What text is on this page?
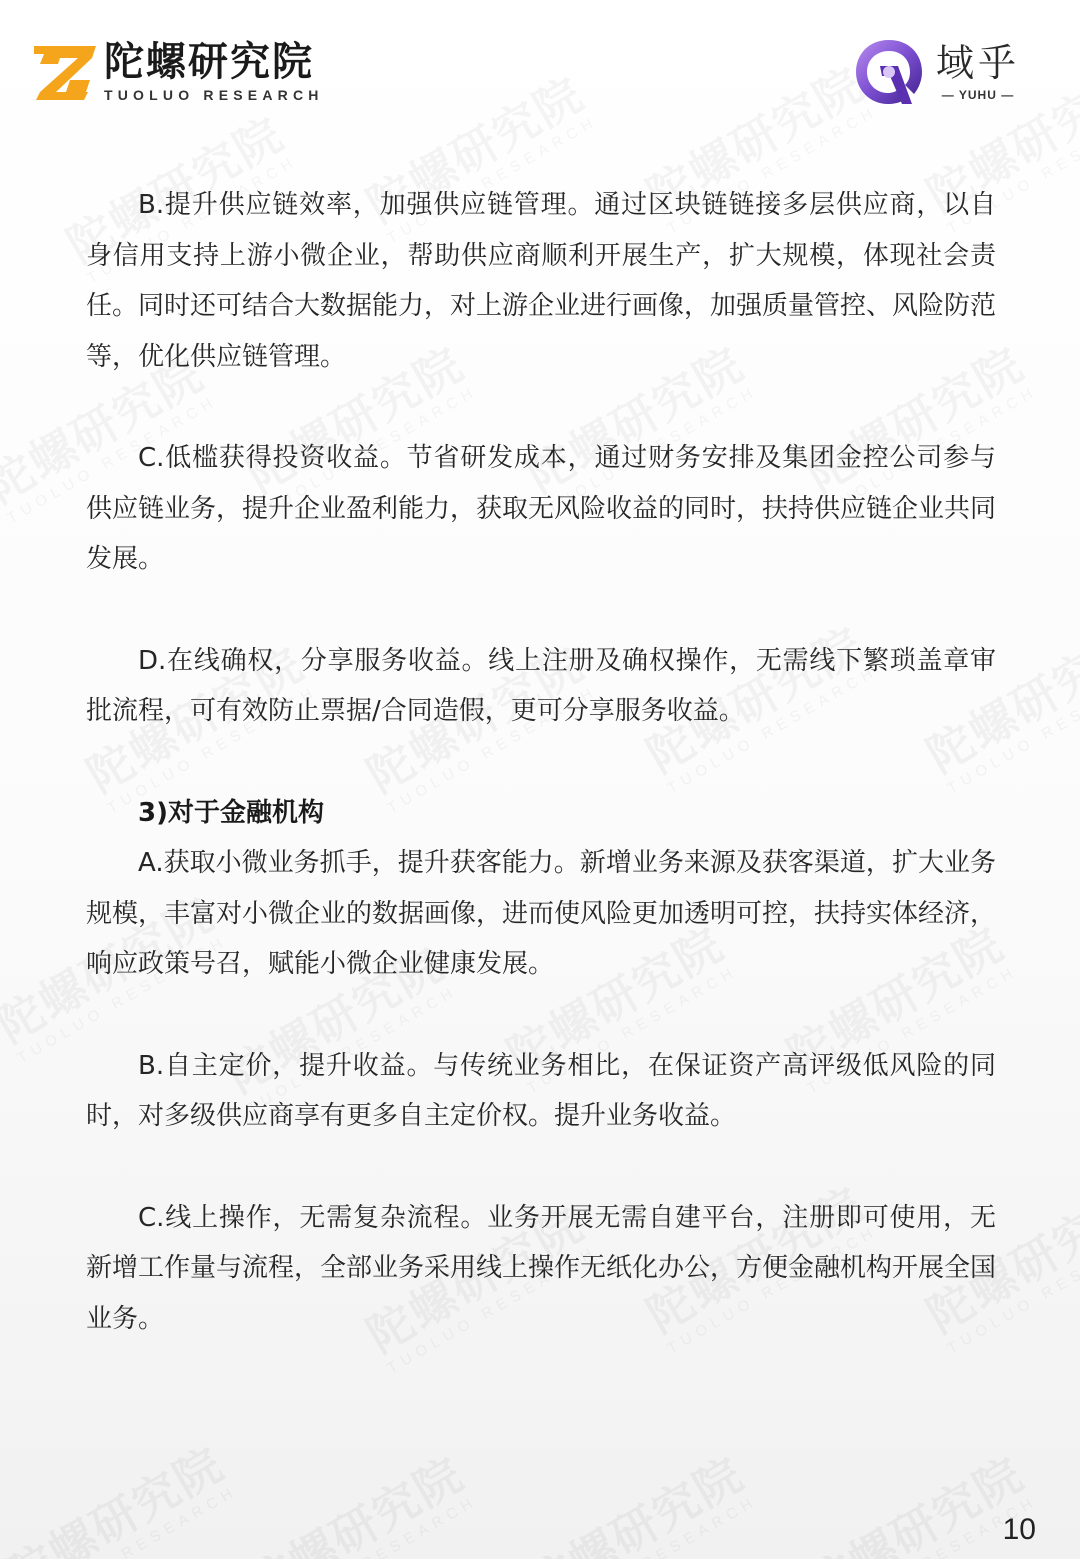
陀螺研究院
TUOLUO RESEARCH
域乎
— YUHU —

B.提升供应链效率，加强供应链管理。通过区块链链接多层供应商，以自身信用支持上游小微企业，帮助供应商顺利开展生产，扩大规模，体现社会责任。同时还可结合大数据能力，对上游企业进行画像，加强质量管控、风险防范等，优化供应链管理。

C.低槛获得投资收益。节省研发成本，通过财务安排及集团金控公司参与供应链业务，提升企业盈利能力，获取无风险收益的同时，扶持供应链企业共同发展。

D.在线确权，分享服务收益。线上注册及确权操作，无需线下繁琐盖章审批流程，可有效防止票据/合同造假，更可分享服务收益。

3)对于金融机构

A.获取小微业务抓手，提升获客能力。新增业务来源及获客渠道，扩大业务规模，丰富对小微企业的数据画像，进而使风险更加透明可控，扶持实体经济，响应政策号召，赋能小微企业健康发展。

B.自主定价，提升收益。与传统业务相比，在保证资产高评级低风险的同时，对多级供应商享有更多自主定价权。提升业务收益。

C.线上操作，无需复杂流程。业务开展无需自建平台，注册即可使用，无新增工作量与流程，全部业务采用线上操作无纸化办公，方便金融机构开展全国业务。

10
